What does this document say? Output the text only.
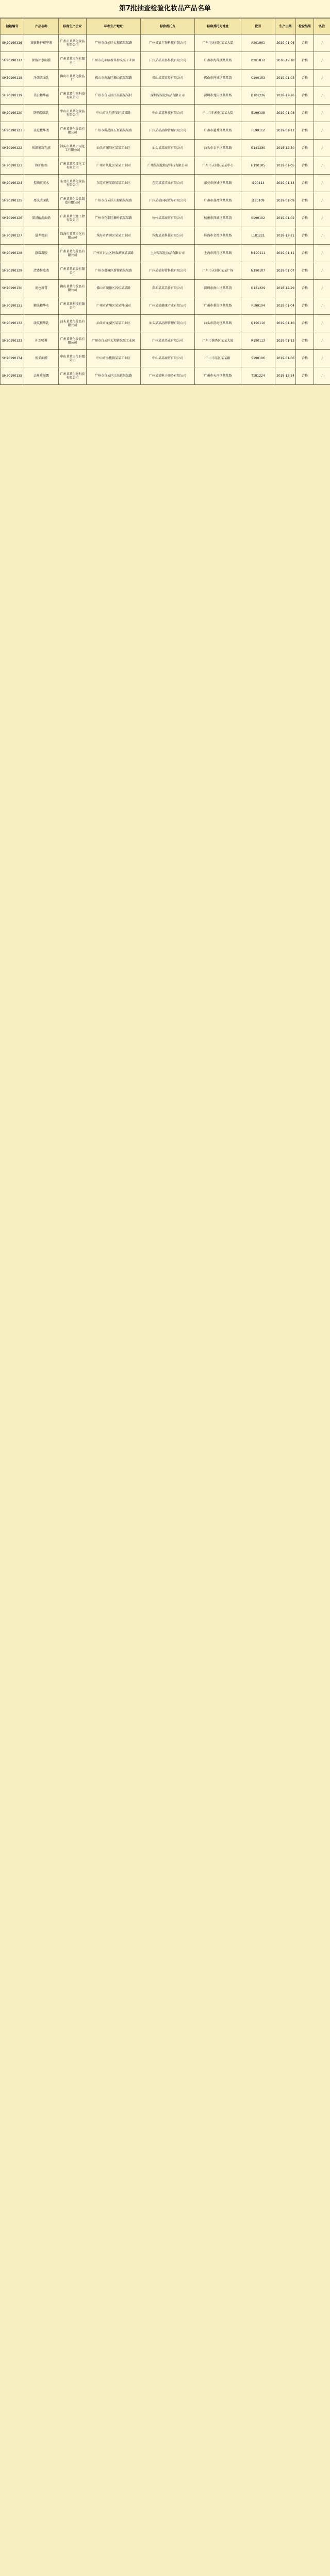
第7批抽查检验化妆品产品名单
抽检编号	产品名称	标称生产企业	标称生产地址	标称委托方	标称委托方地址	批号	生产日期	检验结果	备注
SH20190116	蒸敏修护精华液	广州市某某化妆品有限公司	广州市白云区太和镇某某路	广州某某生物科技有限公司	广州市天河区某某大道	A201901	2019-01-06	合格	/
SH20190117	保湿补水面膜	广州某某日化有限公司	广州市花都区新华街某某工业园	广州某某美容科技有限公司	广州市海珠区某某路	B201812	2018-12-18	合格	/
SH20190118	净颜洁面乳	佛山市某某化妆品厂	佛山市南海区狮山镇某某路	佛山某某贸易有限公司	佛山市禅城区某某街	C190103	2019-01-03	合格	/
SH20190119	美白精华霜	广州某某生物科技有限公司	广州市白云区江高镇某某村	深圳某某化妆品有限公司	深圳市龙岗区某某路	D181226	2018-12-26	合格	/
SH20190120	防晒隔离乳	中山市某某化妆品有限公司	中山市火炬开发区某某路	中山某某科技有限公司	中山市石岐区某某大街	E190108	2019-01-08	合格	/
SH20190121	祛痘精华液	广州某某化妆品有限公司	广州市番禺区石基镇某某路	广州某某品牌管理有限公司	广州市越秀区某某路	F190112	2019-01-12	合格	/
SH20190122	焕颜紧致乳液	汕头市某某日用化工有限公司	汕头市潮阳区某某工业区	汕头某某商贸有限公司	汕头市金平区某某路	G181230	2018-12-30	合格	/
SH20190123	修护眼霜	广州某某精细化工有限公司	广州市从化区某某工业园	广州某某化妆品科技有限公司	广州市天河区某某中心	H190105	2019-01-05	合格	/
SH20190124	控油爽肤水	东莞市某某化妆品有限公司	东莞市塘厦镇某某工业区	东莞某某实业有限公司	东莞市南城区某某路	I190114	2019-01-14	合格	/
SH20190125	亮肤洁面乳	广州某某化妆品制造有限公司	广州市白云区人和镇某某路	广州某某国际贸易有限公司	广州市荔湾区某某路	J190109	2019-01-09	合格	/
SH20190126	氨基酸洗面奶	广州某某生物工程有限公司	广州市花都区狮岭镇某某路	杭州某某商贸有限公司	杭州市西湖区某某街	K190102	2019-01-02	合格	/
SH20190127	滋养精油	珠海市某某日化有限公司	珠海市香洲区某某工业园	珠海某某科技有限公司	珠海市金湾区某某路	L181221	2018-12-21	合格	/
SH20190128	舒缓凝胶	广州某某化妆品有限公司	广州市白云区钟落潭镇某某路	上海某某化妆品有限公司	上海市闵行区某某路	M190111	2019-01-11	合格	/
SH20190129	清透粉底液	广州某某彩妆有限公司	广州市增城区新塘镇某某路	广州某某彩妆科技有限公司	广州市天河区某某广场	N190107	2019-01-07	合格	/
SH20190130	润色唇膏	佛山某某化妆品有限公司	佛山市顺德区容桂某某路	深圳某某美妆有限公司	深圳市南山区某某街	O181229	2018-12-29	合格	/
SH20190131	嫩肤精华水	广州某某科技有限公司	广州市黄埔区某某科技园	广州某某健康产业有限公司	广州市番禺区某某路	P190104	2019-01-04	合格	/
SH20190132	淡纹精华乳	汕头某某化妆品有限公司	汕头市龙湖区某某工业区	汕头某某品牌管理有限公司	汕头市澄海区某某路	Q190110	2019-01-10	合格	/
SH20190133	补水喷雾	广州某某化妆品有限公司	广州市白云区太和镇某某工业园	广州某某美业有限公司	广州市越秀区某某大厦	R190113	2019-01-13	合格	/
SH20190134	焕采面膜	中山某某日化有限公司	中山市小榄镇某某工业区	中山某某商贸有限公司	中山市东区某某路	S190106	2019-01-06	合格	/
SH20190135	去角质凝露	广州某某生物科技有限公司	广州市白云区江高镇某某路	广州某某电子商务有限公司	广州市天河区某某路	T181224	2018-12-24	合格	/
